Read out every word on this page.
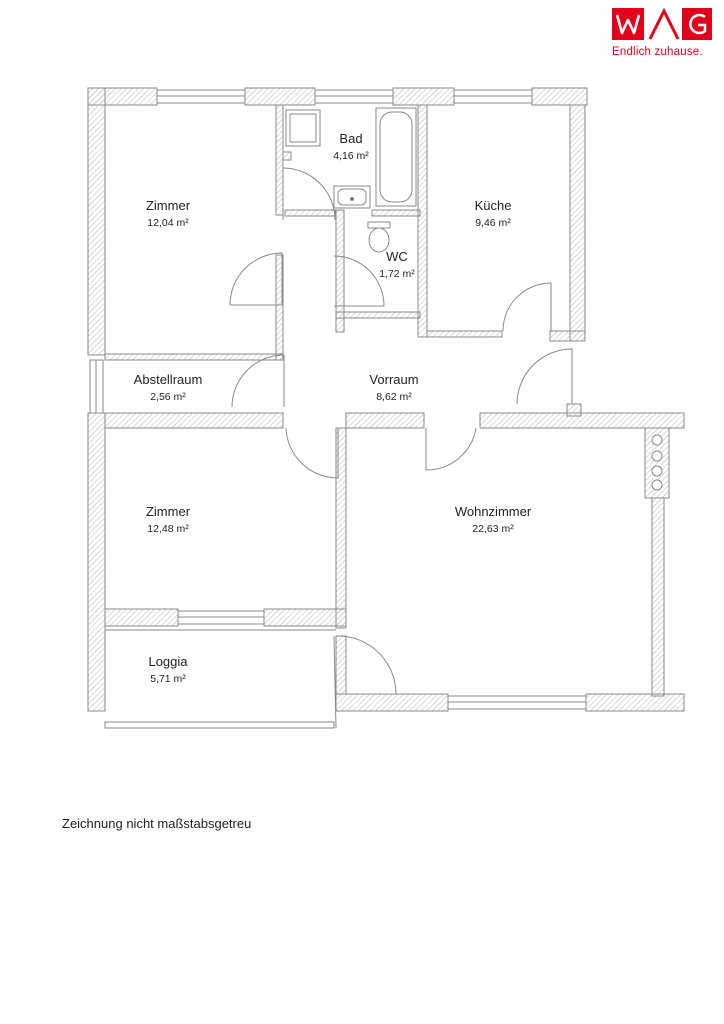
Endlich zuhause.
Zimmer
12,04 m²
Bad
4,16 m²
Küche
9,46 m²
WC
1,72 m²
Abstellraum
2,56 m²
Vorraum
8,62 m²
Zimmer
12,48 m²
Wohnzimmer
22,63 m²
Loggia
5,71 m²
Zeichnung nicht maßstabsgetreu
